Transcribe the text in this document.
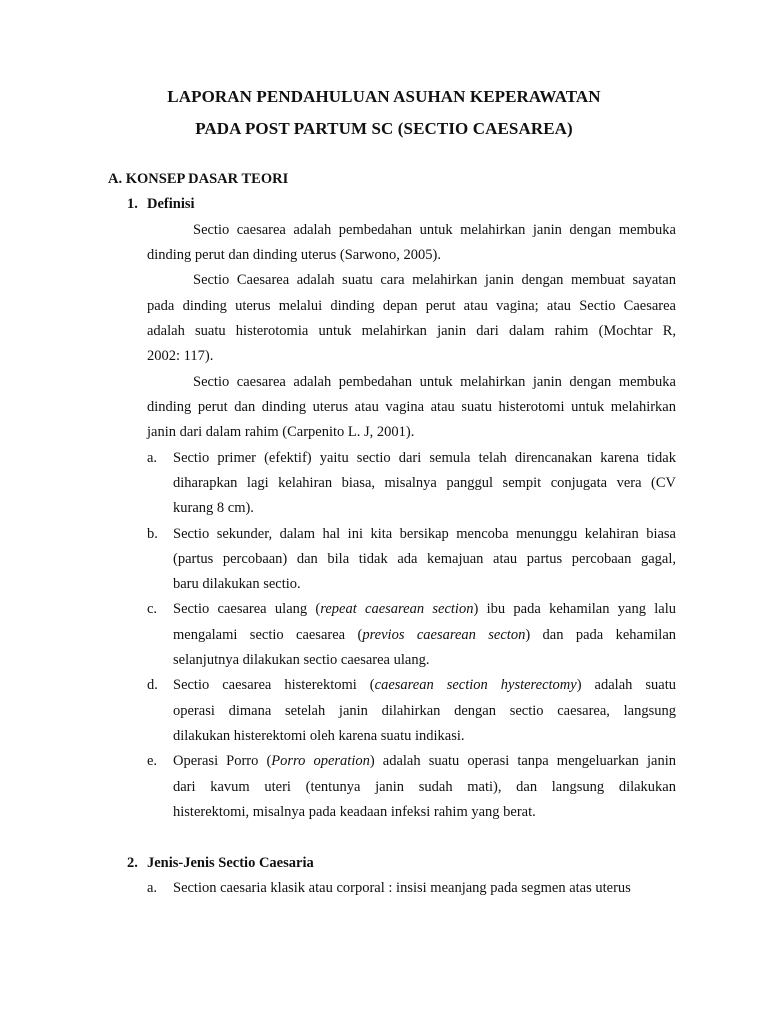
LAPORAN PENDAHULUAN ASUHAN KEPERAWATAN
PADA POST PARTUM SC (SECTIO CAESAREA)
A. KONSEP DASAR TEORI
1. Definisi
Sectio caesarea adalah pembedahan untuk melahirkan janin dengan membuka
dinding perut dan dinding uterus (Sarwono, 2005).
Sectio Caesarea adalah suatu cara melahirkan janin dengan membuat sayatan
pada dinding uterus melalui dinding depan perut atau vagina; atau Sectio Caesarea
adalah suatu histerotomia untuk melahirkan janin dari dalam rahim (Mochtar R,
2002: 117).
Sectio caesarea adalah pembedahan untuk melahirkan janin dengan membuka
dinding perut dan dinding uterus atau vagina atau suatu histerotomi untuk melahirkan
janin dari dalam rahim (Carpenito L. J, 2001).
a. Sectio primer (efektif) yaitu sectio dari semula telah direncanakan karena tidak
diharapkan lagi kelahiran biasa, misalnya panggul sempit conjugata vera (CV
kurang 8 cm).
b. Sectio sekunder, dalam hal ini kita bersikap mencoba menunggu kelahiran biasa
(partus percobaan) dan bila tidak ada kemajuan atau partus percobaan gagal,
baru dilakukan sectio.
c. Sectio caesarea ulang (repeat caesarean section) ibu pada kehamilan yang lalu
mengalami sectio caesarea (previos caesarean secton) dan pada kehamilan
selanjutnya dilakukan sectio caesarea ulang.
d. Sectio caesarea histerektomi (caesarean section hysterectomy) adalah suatu
operasi dimana setelah janin dilahirkan dengan sectio caesarea, langsung
dilakukan histerektomi oleh karena suatu indikasi.
e. Operasi Porro (Porro operation) adalah suatu operasi tanpa mengeluarkan janin
dari kavum uteri (tentunya janin sudah mati), dan langsung dilakukan
histerektomi, misalnya pada keadaan infeksi rahim yang berat.
2. Jenis-Jenis Sectio Caesaria
a. Section caesaria klasik atau corporal : insisi meanjang pada segmen atas uterus
